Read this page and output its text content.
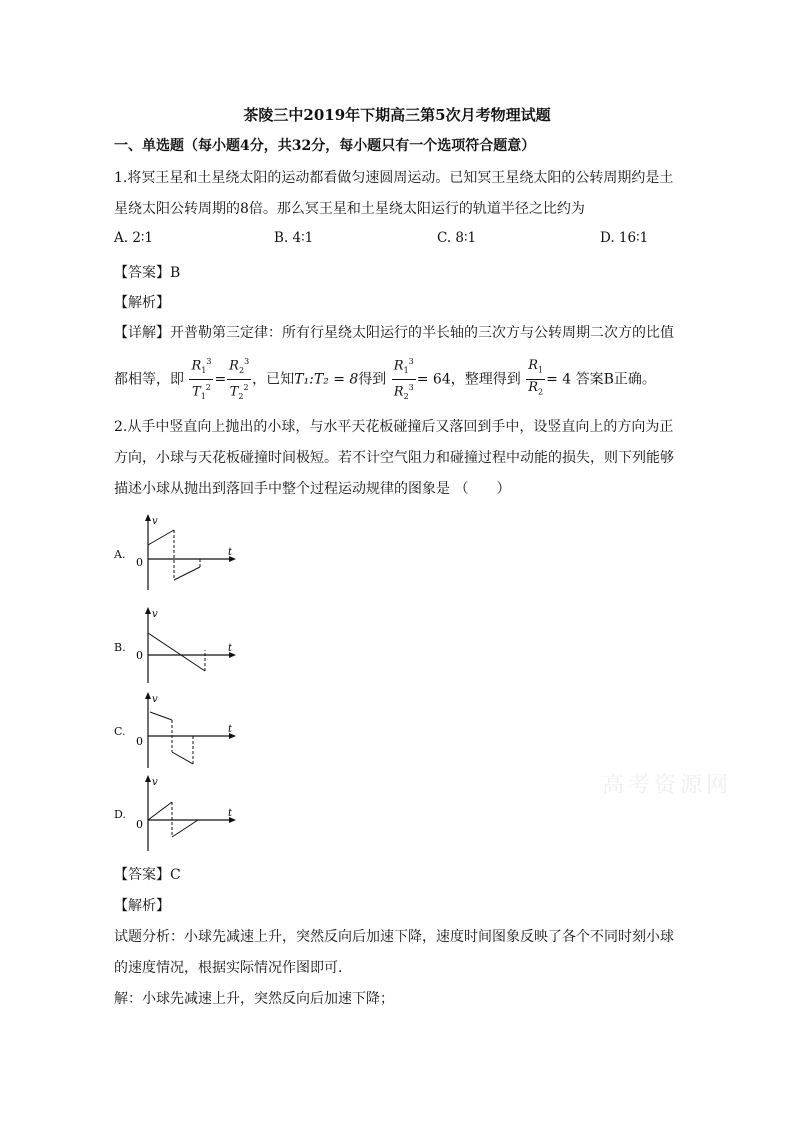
茶陵三中2019年下期高三第5次月考物理试题
一、单选题（每小题4分，共32分，每小题只有一个选项符合题意）
1.将冥王星和土星绕太阳的运动都看做匀速圆周运动。已知冥王星绕太阳的公转周期约是土
星绕太阳公转周期的8倍。那么冥王星和土星绕太阳运行的轨道半径之比约为
A. 2∶1	B. 4∶1	C. 8∶1	D. 16∶1
【答案】B
【解析】
【详解】开普勒第三定律：所有行星绕太阳运行的半长轴的三次方与公转周期二次方的比值
都相等，即 $\frac{R_1^3}{T_1^2} = \frac{R_2^3}{T_2^2}$ ，已知T₁:T₂ = 8得到 $\frac{R_1^3}{R_2^3} = 64$，整理得到 $\frac{R_1}{R_2} = 4$ 答案B正确。
2.从手中竖直向上抛出的小球，与水平天花板碰撞后又落回到手中，设竖直向上的方向为正
方向，小球与天花板碰撞时间极短。若不计空气阻力和碰撞过程中动能的损失，则下列能够
描述小球从抛出到落回手中整个过程运动规律的图象是 （　　）
A.
v
t
0
B.
v
t
0
C.
v
t
0
D.
v
t
0
高考资源网
【答案】C
【解析】
试题分析：小球先减速上升，突然反向后加速下降，速度时间图象反映了各个不同时刻小球
的速度情况，根据实际情况作图即可．
解：小球先减速上升，突然反向后加速下降；
